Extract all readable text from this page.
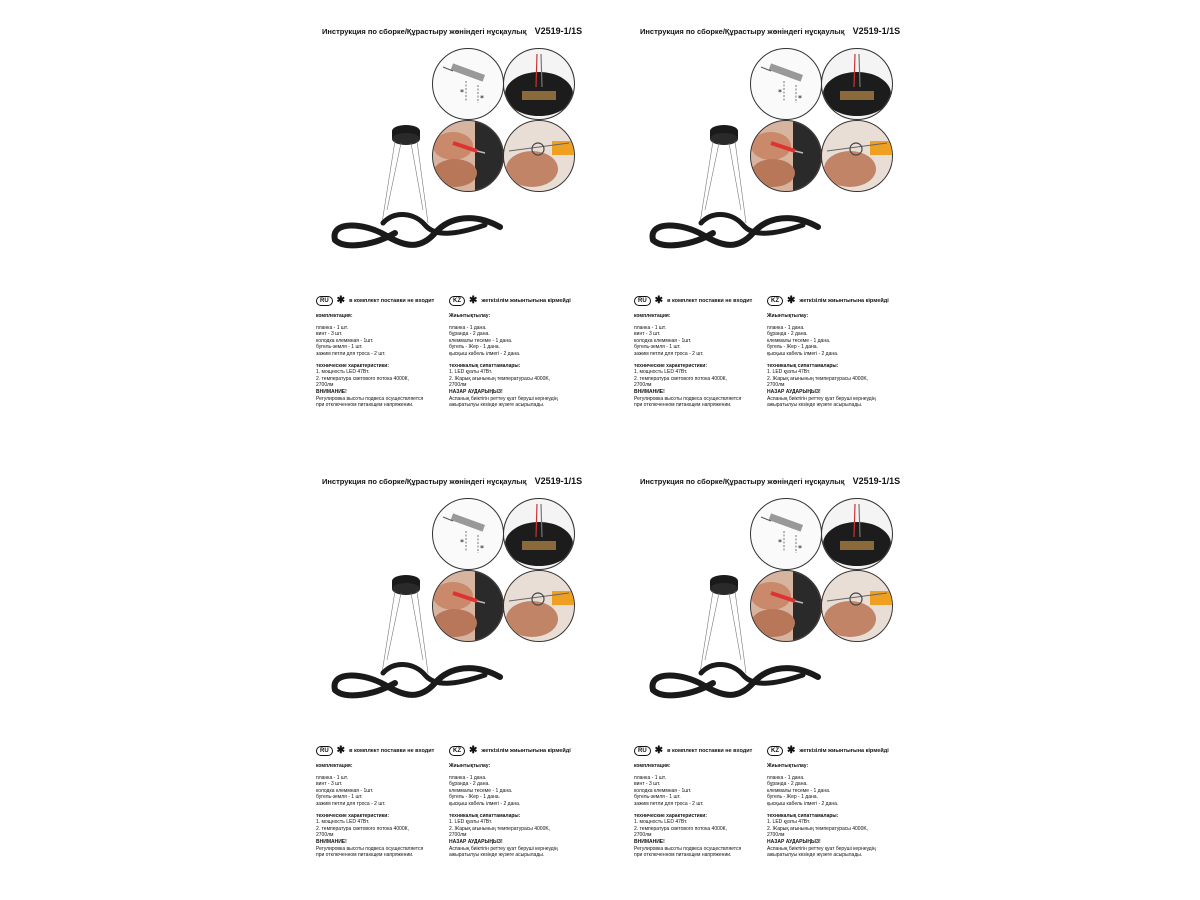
Инструкция по сборке/Құрастыру жөніндегі нұсқаулық V2519-1/1S
*
*
RU ✱ в комплект поставки не входит	KZ ✱ жеткізілім жиынтығына кірмейді
комплектация:
планка - 1 шт.
винт - 3 шт.
колодка клеммная - 1шт.
бугель-земля - 1 шт.
зажим петли для троса - 2 шт.
технические характеристики:
1. мощность LED 47Вт.
2. температура светового потока 4000К,
2700лм
ВНИМАНИЕ!
Регулировка высоты подвеса осуществляется
при отключенном питающем напряжении.
Жиынтықтылау:
планка - 1 дана.
бұранда - 2 дана.
клеммалы тесеме - 1 дана.
бугель - Жер - 1 дана.
қысқыш кабель ілмегі - 2 дана.
техникалық сипаттамалары:
1. LED қуаты 47Вт.
2. Жарық ағынының температурасы 4000K,
2700лм
НАЗАР АУДАРЫҢЫЗ!
Аспаның биіктігін реттеу қуат беруші кернеудің
ажыратылуы кезінде жүзеге асырылады.
Инструкция по сборке/Құрастыру жөніндегі нұсқаулық V2519-1/1S
*
*
RU ✱ в комплект поставки не входит	KZ ✱ жеткізілім жиынтығына кірмейді
комплектация:
планка - 1 шт.
винт - 3 шт.
колодка клеммная - 1шт.
бугель-земля - 1 шт.
зажим петли для троса - 2 шт.
технические характеристики:
1. мощность LED 47Вт.
2. температура светового потока 4000К,
2700лм
ВНИМАНИЕ!
Регулировка высоты подвеса осуществляется
при отключенном питающем напряжении.
Жиынтықтылау:
планка - 1 дана.
бұранда - 2 дана.
клеммалы тесеме - 1 дана.
бугель - Жер - 1 дана.
қысқыш кабель ілмегі - 2 дана.
техникалық сипаттамалары:
1. LED қуаты 47Вт.
2. Жарық ағынының температурасы 4000K,
2700лм
НАЗАР АУДАРЫҢЫЗ!
Аспаның биіктігін реттеу қуат беруші кернеудің
ажыратылуы кезінде жүзеге асырылады.
Инструкция по сборке/Құрастыру жөніндегі нұсқаулық V2519-1/1S
*
*
RU ✱ в комплект поставки не входит	KZ ✱ жеткізілім жиынтығына кірмейді
комплектация:
планка - 1 шт.
винт - 3 шт.
колодка клеммная - 1шт.
бугель-земля - 1 шт.
зажим петли для троса - 2 шт.
технические характеристики:
1. мощность LED 47Вт.
2. температура светового потока 4000К,
2700лм
ВНИМАНИЕ!
Регулировка высоты подвеса осуществляется
при отключенном питающем напряжении.
Жиынтықтылау:
планка - 1 дана.
бұранда - 2 дана.
клеммалы тесеме - 1 дана.
бугель - Жер - 1 дана.
қысқыш кабель ілмегі - 2 дана.
техникалық сипаттамалары:
1. LED қуаты 47Вт.
2. Жарық ағынының температурасы 4000K,
2700лм
НАЗАР АУДАРЫҢЫЗ!
Аспаның биіктігін реттеу қуат беруші кернеудің
ажыратылуы кезінде жүзеге асырылады.
Инструкция по сборке/Құрастыру жөніндегі нұсқаулық V2519-1/1S
*
*
RU ✱ в комплект поставки не входит	KZ ✱ жеткізілім жиынтығына кірмейді
комплектация:
планка - 1 шт.
винт - 3 шт.
колодка клеммная - 1шт.
бугель-земля - 1 шт.
зажим петли для троса - 2 шт.
технические характеристики:
1. мощность LED 47Вт.
2. температура светового потока 4000К,
2700лм
ВНИМАНИЕ!
Регулировка высоты подвеса осуществляется
при отключенном питающем напряжении.
Жиынтықтылау:
планка - 1 дана.
бұранда - 2 дана.
клеммалы тесеме - 1 дана.
бугель - Жер - 1 дана.
қысқыш кабель ілмегі - 2 дана.
техникалық сипаттамалары:
1. LED қуаты 47Вт.
2. Жарық ағынының температурасы 4000K,
2700лм
НАЗАР АУДАРЫҢЫЗ!
Аспаның биіктігін реттеу қуат беруші кернеудің
ажыратылуы кезінде жүзеге асырылады.
